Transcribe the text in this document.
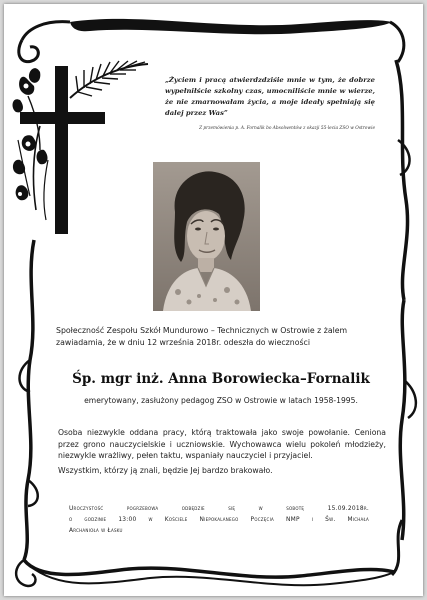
„Życiem i pracą atwierdzdziśie mnie w tym, że dobrze wypełniłście szkolny czas, umocniliście mnie w wierze, że nie zmarnowałam życia, a moje ideały spełniają się dalej przez Was”
Z przemówienia p. A. Fornalik bo Absolwentów z okazji 55-lecia ZSO w Ostrowie
Społeczność Zespołu Szkół Mundurowo – Technicznych w Ostrowie z żalem zawiadamia, że w dniu 12 września 2018r. odeszła do wieczności
Śp. mgr inż. Anna Borowiecka–Fornalik
emerytowany, zasłużony pedagog ZSO w Ostrowie w latach 1958-1995.
Osoba niezwykle oddana pracy, którą traktowała jako swoje powołanie. Ceniona przez grono nauczycielskie i uczniowskie. Wychowawca wielu pokoleń młodzieży, niezwykle wrażliwy, pełen taktu, wspaniały nauczyciel i przyjaciel.
Wszystkim, którzy ją znali, będzie Jej bardzo brakowało.
Uroczystość pogrzebowa odbędzie się w sobotę 15.09.2018r.
o godzinie 13:00 w Kościele Niepokalanego Poczęcia NMP i Św. Michała
Archanioła w Łasku
